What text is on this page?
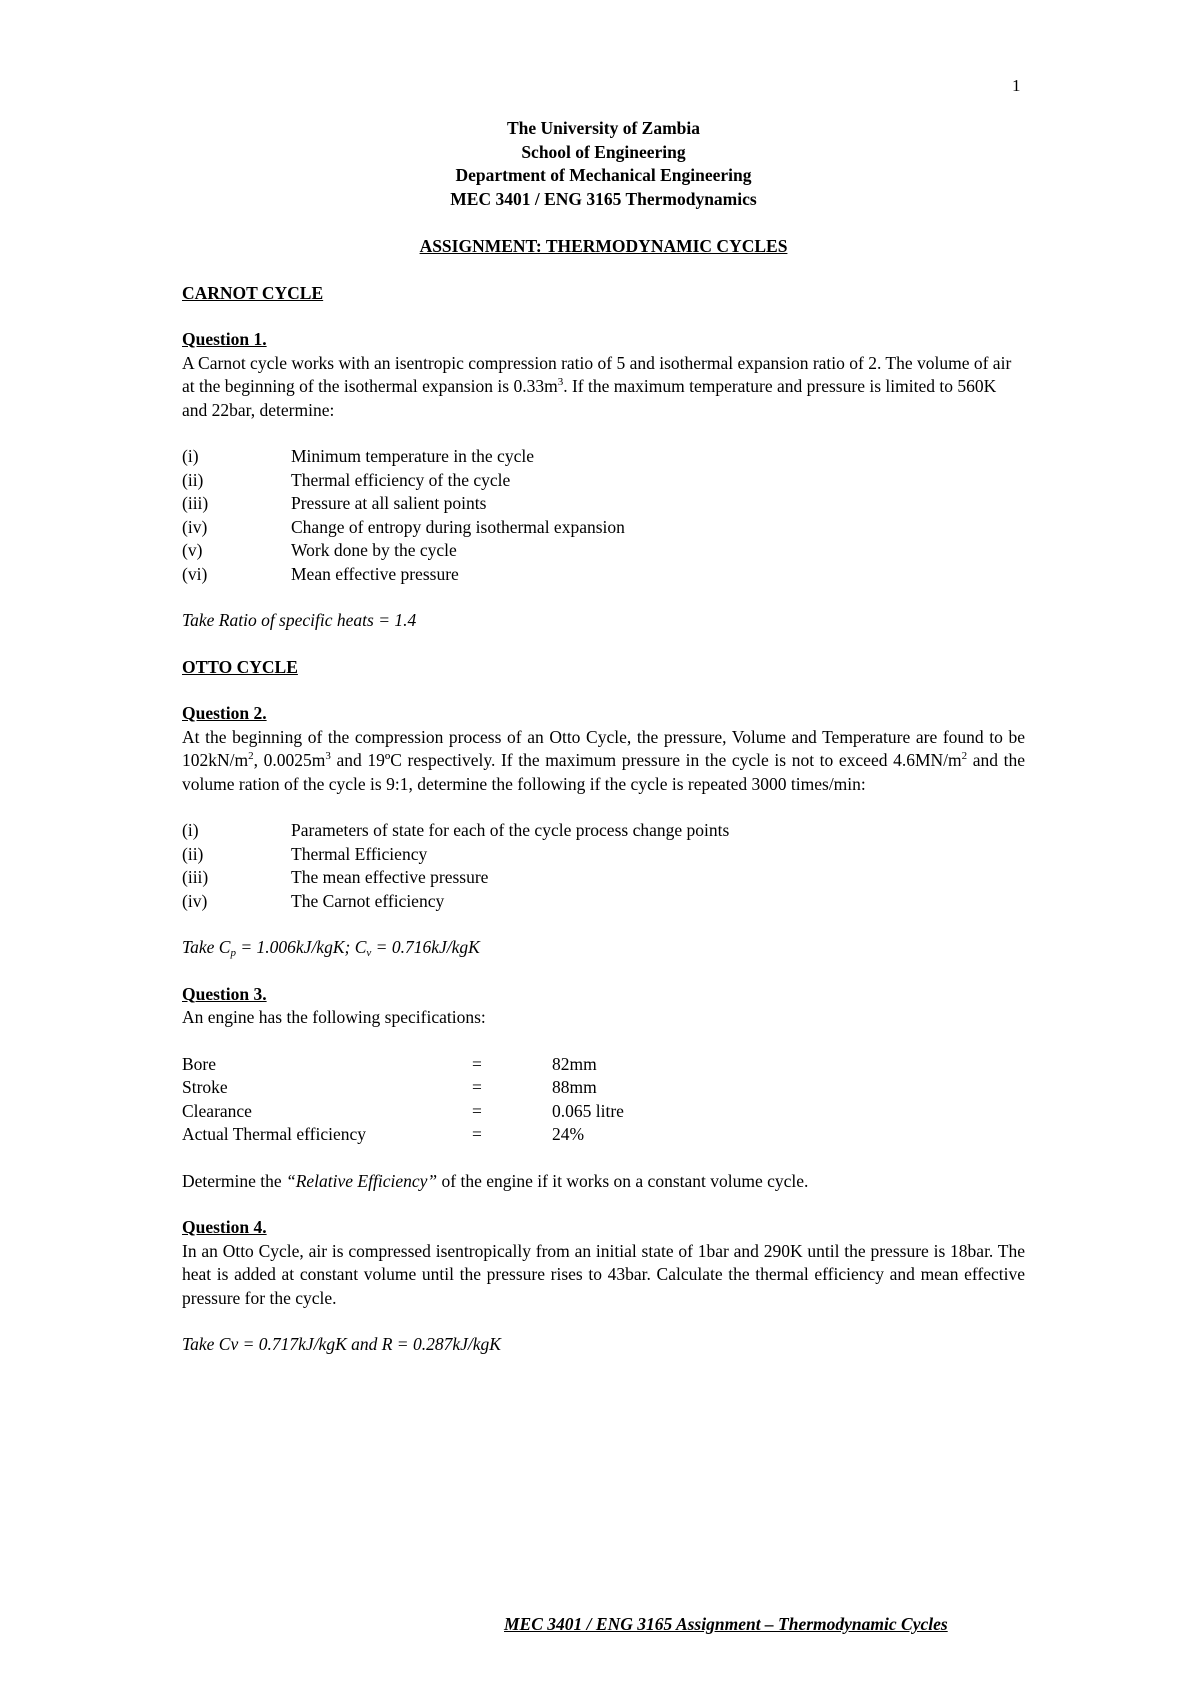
1
The University of Zambia
School of Engineering
Department of Mechanical Engineering
MEC 3401 / ENG 3165 Thermodynamics
ASSIGNMENT: THERMODYNAMIC CYCLES
CARNOT CYCLE
Question 1.
A Carnot cycle works with an isentropic compression ratio of 5 and isothermal expansion ratio of 2. The volume of air at the beginning of the isothermal expansion is $0.33m^3$. If the maximum temperature and pressure is limited to 560K and 22bar, determine:
(i)	Minimum temperature in the cycle
(ii)	Thermal efficiency of the cycle
(iii)	Pressure at all salient points
(iv)	Change of entropy during isothermal expansion
(v)	Work done by the cycle
(vi)	Mean effective pressure
Take Ratio of specific heats = 1.4
OTTO CYCLE
Question 2.
At the beginning of the compression process of an Otto Cycle, the pressure, Volume and Temperature are found to be $102kN/m^2$, $0.0025m^3$ and 19ºC respectively. If the maximum pressure in the cycle is not to exceed $4.6MN/m^2$ and the volume ration of the cycle is 9:1, determine the following if the cycle is repeated 3000 times/min:
(i)	Parameters of state for each of the cycle process change points
(ii)	Thermal Efficiency
(iii)	The mean effective pressure
(iv)	The Carnot efficiency
Take $C_p = 1.006kJ/kgK$; $C_v = 0.716kJ/kgK$
Question 3.
An engine has the following specifications:
Bore	=	82mm
Stroke	=	88mm
Clearance	=	0.065 litre
Actual Thermal efficiency	=	24%
Determine the “Relative Efficiency” of the engine if it works on a constant volume cycle.
Question 4.
In an Otto Cycle, air is compressed isentropically from an initial state of 1bar and 290K until the pressure is 18bar. The heat is added at constant volume until the pressure rises to 43bar. Calculate the thermal efficiency and mean effective pressure for the cycle.
Take Cv = 0.717kJ/kgK and R = 0.287kJ/kgK
MEC 3401 / ENG 3165 Assignment – Thermodynamic Cycles
